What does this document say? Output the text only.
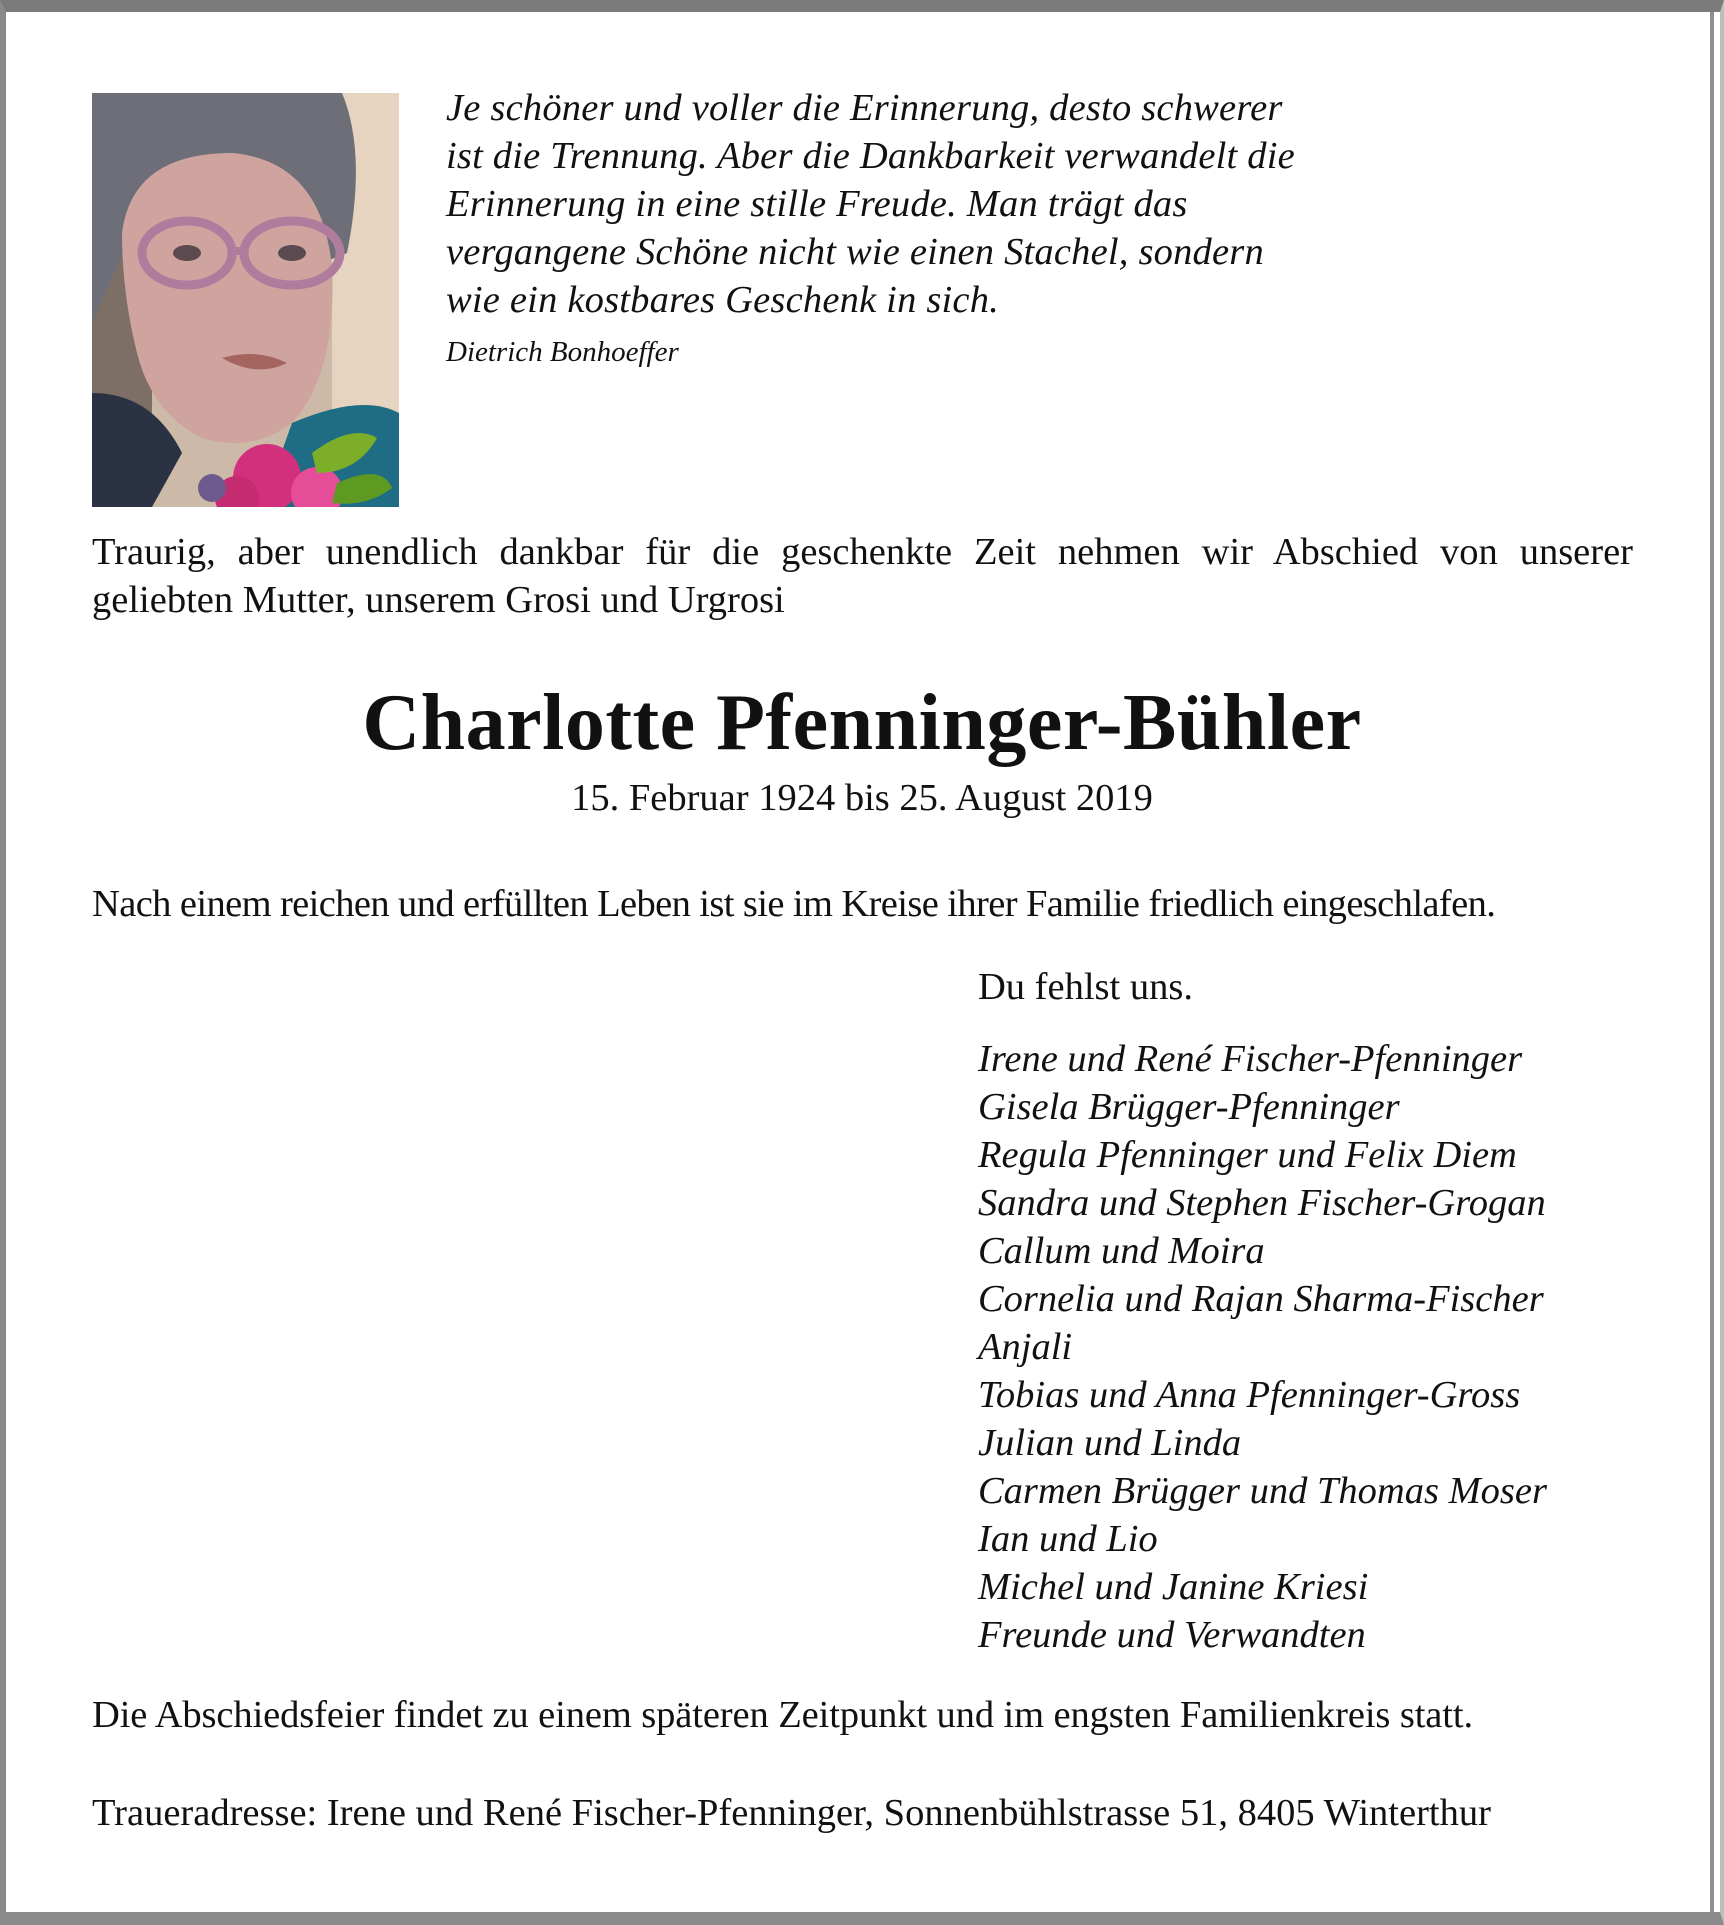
Je schöner und voller die Erinnerung, desto schwerer
ist die Trennung. Aber die Dankbarkeit verwandelt die
Erinnerung in eine stille Freude. Man trägt das
vergangene Schöne nicht wie einen Stachel, sondern
wie ein kostbares Geschenk in sich.
Dietrich Bonhoeffer
Traurig, aber unendlich dankbar für die geschenkte Zeit nehmen wir Abschied von unserer
geliebten Mutter, unserem Grosi und Urgrosi
Charlotte Pfenninger-Bühler
15. Februar 1924 bis 25. August 2019
Nach einem reichen und erfüllten Leben ist sie im Kreise ihrer Familie friedlich eingeschlafen.
Du fehlst uns.
Irene und René Fischer-Pfenninger
Gisela Brügger-Pfenninger
Regula Pfenninger und Felix Diem
Sandra und Stephen Fischer-Grogan
Callum und Moira
Cornelia und Rajan Sharma-Fischer
Anjali
Tobias und Anna Pfenninger-Gross
Julian und Linda
Carmen Brügger und Thomas Moser
Ian und Lio
Michel und Janine Kriesi
Freunde und Verwandten
Die Abschiedsfeier findet zu einem späteren Zeitpunkt und im engsten Familienkreis statt.
Traueradresse: Irene und René Fischer-Pfenninger, Sonnenbühlstrasse 51, 8405 Winterthur
